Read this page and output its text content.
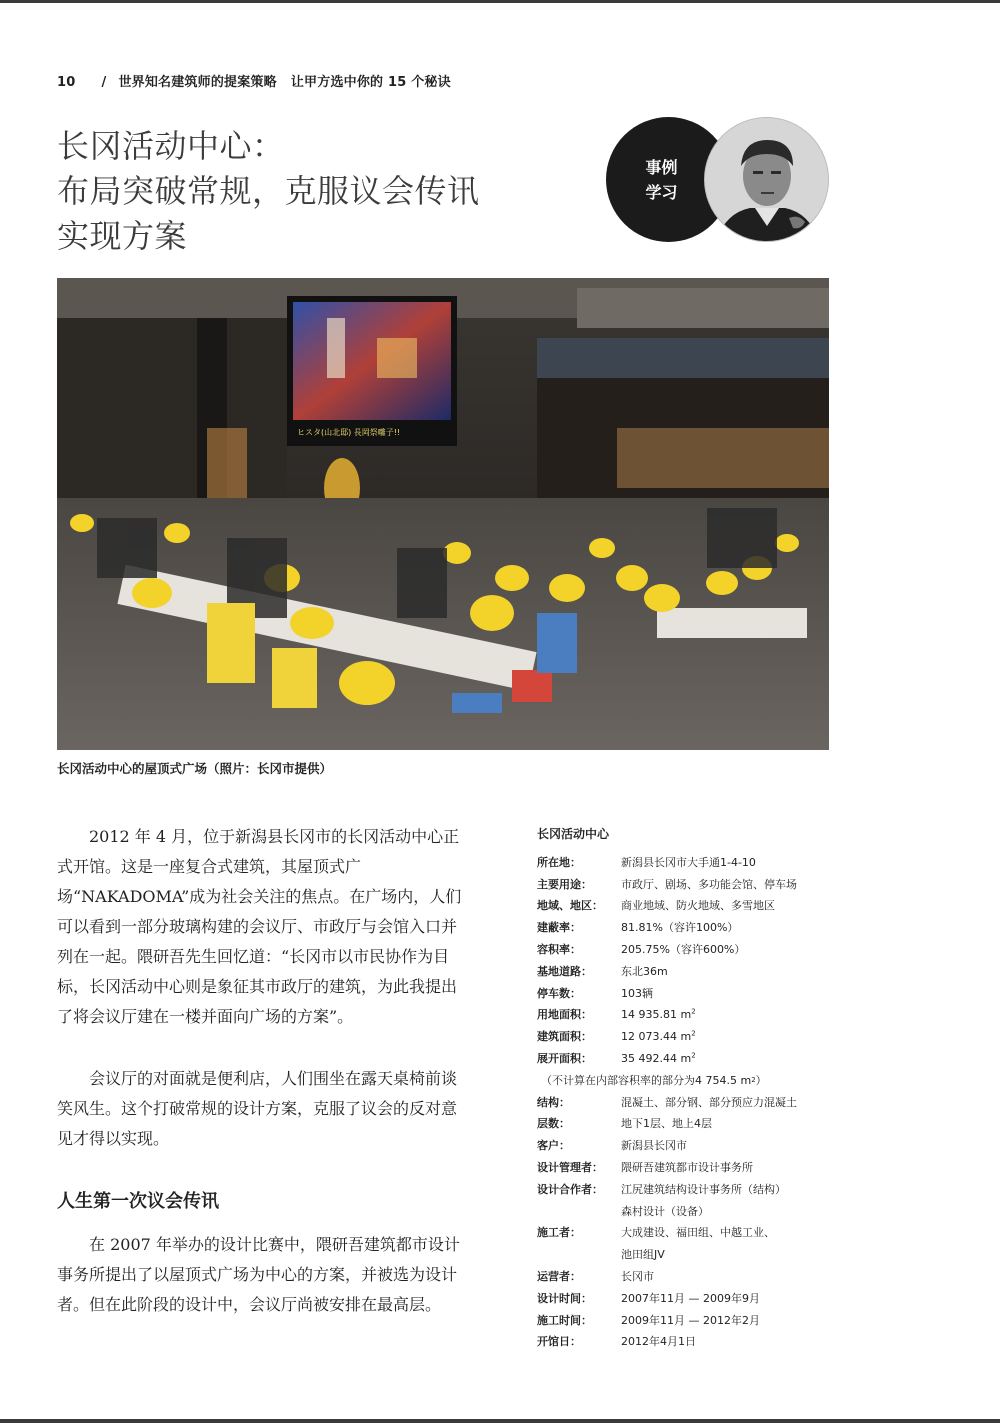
10 / 世界知名建筑师的提案策略 让甲方选中你的 15 个秘诀
长冈活动中心：
布局突破常规，克服议会传讯
实现方案
事例
学习
ヒスタ(山北邸) 長岡祭囃子!!
长冈活动中心的屋顶式广场（照片：长冈市提供）

2012 年 4 月，位于新潟县长冈市的长冈活动中心正式开馆。这是一座复合式建筑，其屋顶式广场“NAKADOMA”成为社会关注的焦点。在广场内，人们可以看到一部分玻璃构建的会议厅、市政厅与会馆入口并列在一起。隈研吾先生回忆道：“长冈市以市民协作为目标，长冈活动中心则是象征其市政厅的建筑，为此我提出了将会议厅建在一楼并面向广场的方案”。

会议厅的对面就是便利店，人们围坐在露天桌椅前谈笑风生。这个打破常规的设计方案，克服了议会的反对意见才得以实现。

人生第一次议会传讯

在 2007 年举办的设计比赛中，隈研吾建筑都市设计事务所提出了以屋顶式广场为中心的方案，并被选为设计者。但在此阶段的设计中，会议厅尚被安排在最高层。

长冈活动中心
所在地：	新潟县长冈市大手通1-4-10
主要用途：	市政厅、剧场、多功能会馆、停车场
地域、地区：	商业地域、防火地域、多雪地区
建蔽率：	81.81%（容许100%）
容积率：	205.75%（容许600%）
基地道路：	东北36m
停车数：	103辆
用地面积：	14 935.81 $m^2$
建筑面积：	12 073.44 $m^2$
展开面积：	35 492.44 $m^2$
（不计算在内部容积率的部分为4 754.5 m 2 ）
结构：	混凝土、部分钢、部分预应力混凝土
层数：	地下1层、地上4层
客户：	新潟县长冈市
设计管理者：	隈研吾建筑都市设计事务所
设计合作者：	江尻建筑结构设计事务所（结构）
森村设计（设备）
施工者：	大成建设、福田组、中越工业、
池田组JV
运营者：	长冈市
设计时间：	2007年11月 — 2009年9月
施工时间：	2009年11月 — 2012年2月
开馆日：	2012年4月1日
